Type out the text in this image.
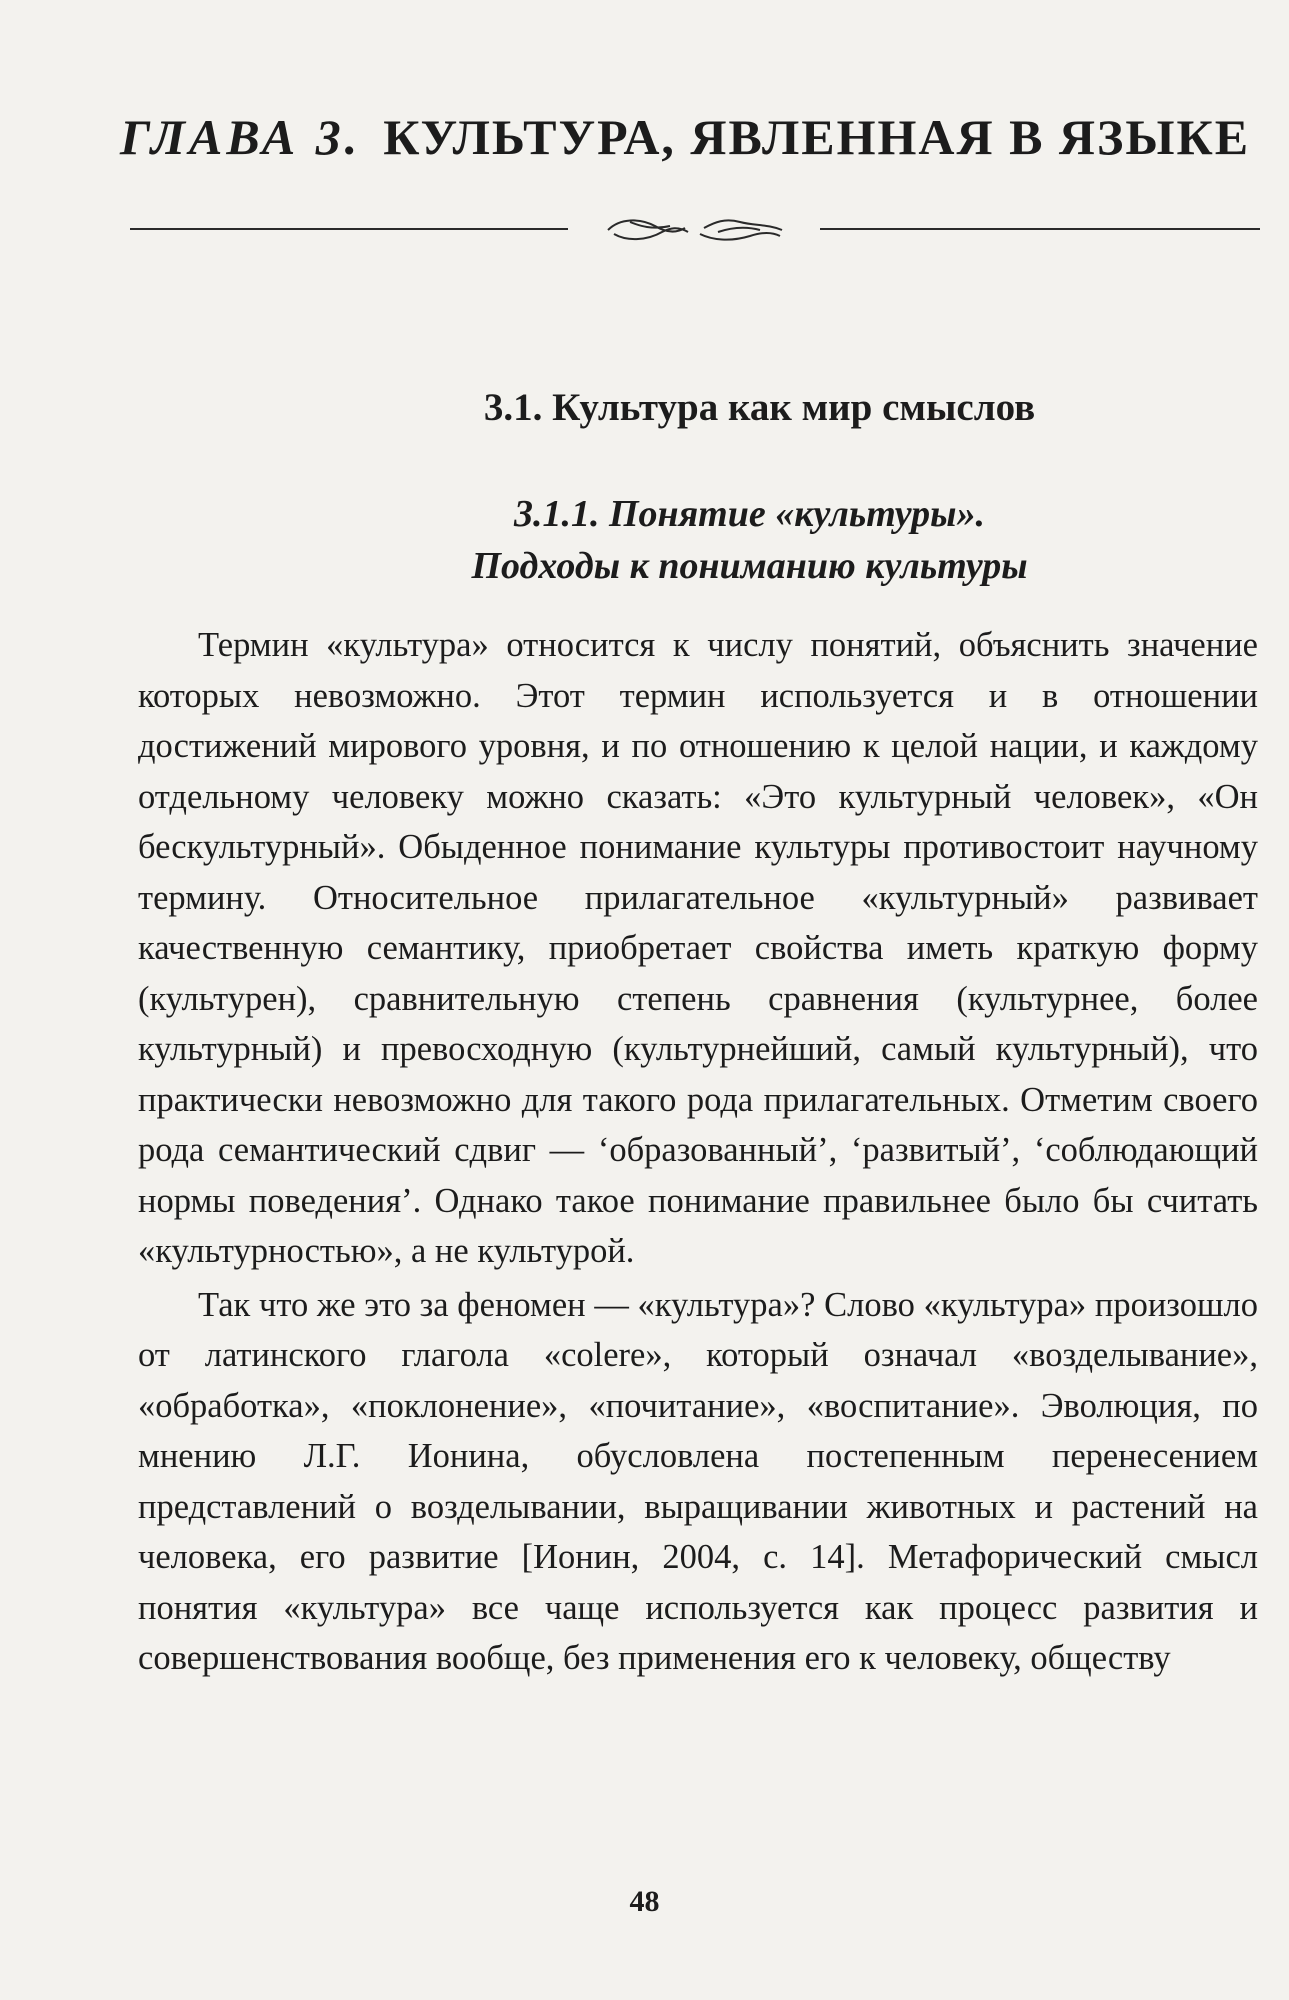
ГЛАВА 3. КУЛЬТУРА, ЯВЛЕННАЯ В ЯЗЫКЕ
3.1. Культура как мир смыслов
3.1.1. Понятие «культуры».
Подходы к пониманию культуры

Термин «культура» относится к числу понятий, объяснить значение которых невозможно. Этот термин используется и в отношении достижений мирового уровня, и по отношению к целой нации, и каждому отдельному человеку можно сказать: «Это культурный человек», «Он бескультурный». Обыденное понимание культуры противостоит научному термину. Относительное прилагательное «культурный» развивает качественную семантику, приобретает свойства иметь краткую форму (культурен), сравнительную степень сравнения (культурнее, более культурный) и превосходную (культурнейший, самый культурный), что практически невозможно для такого рода прилагательных. Отметим своего рода семантический сдвиг — ‘образованный’, ‘развитый’, ‘соблюдающий нормы поведения’. Однако такое понимание правильнее было бы считать «культурностью», а не культурой.

Так что же это за феномен — «культура»? Слово «культура» произошло от латинского глагола «colere», который означал «возделывание», «обработка», «поклонение», «почитание», «воспитание». Эволюция, по мнению Л.Г. Ионина, обусловлена постепенным перенесением представлений о возделывании, выращивании животных и растений на человека, его развитие [Ионин, 2004, с. 14]. Метафорический смысл понятия «культура» все чаще используется как процесс развития и совершенствования вообще, без применения его к человеку, обществу

48
